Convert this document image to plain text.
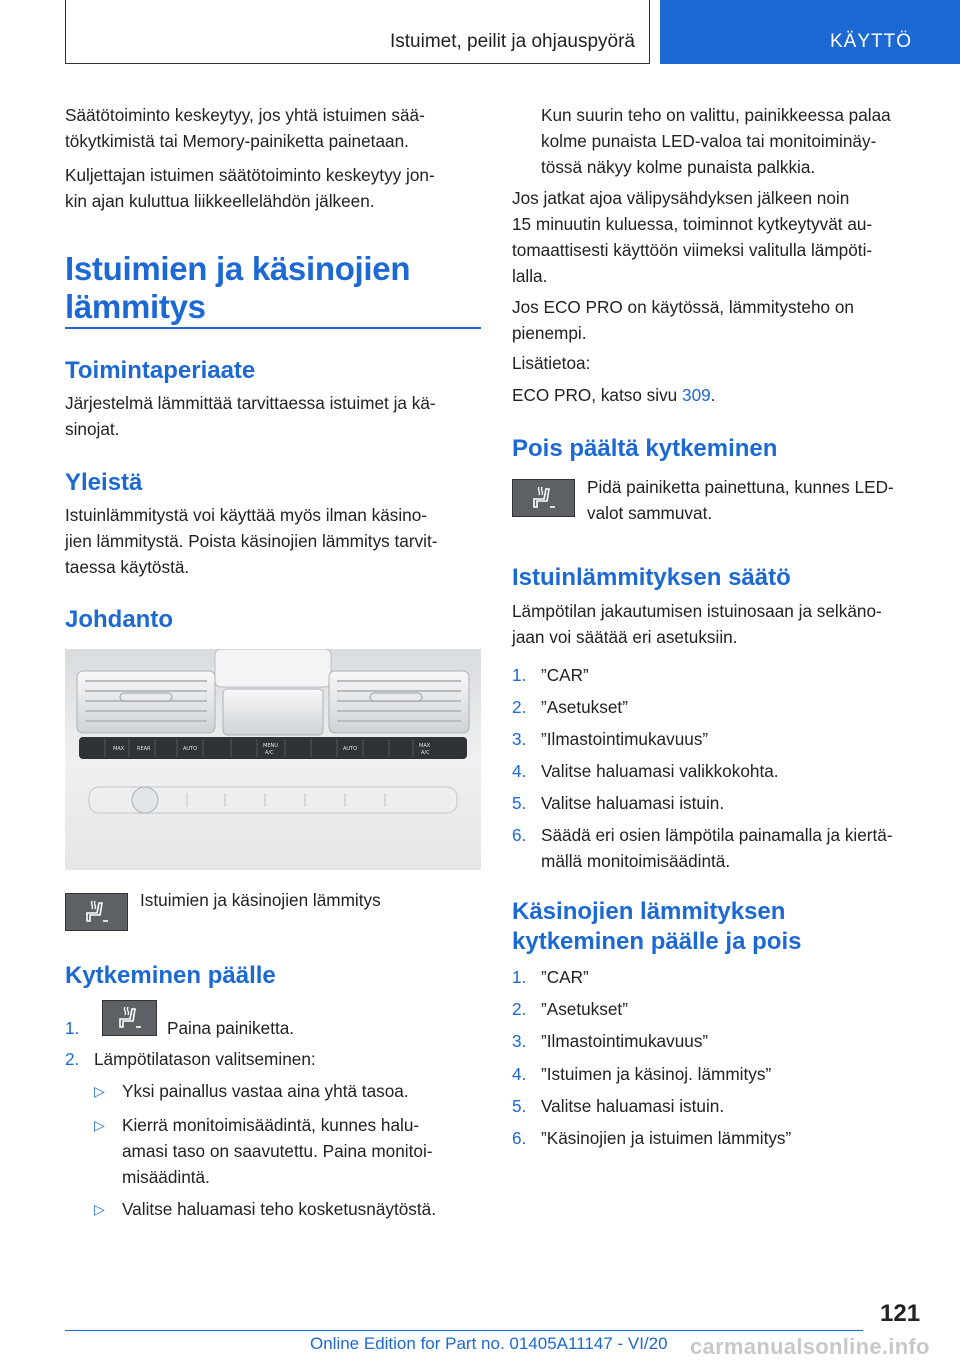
Istuimet, peilit ja ohjauspyörä	KÄYTTÖ
Säätötoiminto keskeytyy, jos yhtä istuimen sää-
tökytkimistä tai Memory-painiketta painetaan.
Kuljettajan istuimen säätötoiminto keskeytyy jon-
kin ajan kuluttua liikkeellelähdön jälkeen.
Istuimien ja käsinojien
lämmitys
Toimintaperiaate
Järjestelmä lämmittää tarvittaessa istuimet ja kä-
sinojat.
Yleistä
Istuinlämmitystä voi käyttää myös ilman käsino-
jien lämmitystä. Poista käsinojien lämmitys tarvit-
taessa käytöstä.
Johdanto
MAX	REAR	AUTO	MENU
A/C
AUTO	MAX
A/C
Istuimien ja käsinojien lämmitys
Kytkeminen päälle
1.	Paina painiketta.
2. Lämpötilatason valitseminen:
▷ Yksi painallus vastaa aina yhtä tasoa.
▷ Kierrä monitoimisäädintä, kunnes halu-
amasi taso on saavutettu. Paina monitoi-
misäädintä.
▷ Valitse haluamasi teho kosketusnäytöstä.
Kun suurin teho on valittu, painikkeessa palaa
kolme punaista LED-valoa tai monitoiminäy-
tössä näkyy kolme punaista palkkia.
Jos jatkat ajoa välipysähdyksen jälkeen noin
15 minuutin kuluessa, toiminnot kytkeytyvät au-
tomaattisesti käyttöön viimeksi valitulla lämpöti-
lalla.
Jos ECO PRO on käytössä, lämmitysteho on
pienempi.
Lisätietoa:
ECO PRO, katso sivu 309.
Pois päältä kytkeminen
Pidä painiketta painettuna, kunnes LED-
valot sammuvat.
Istuinlämmityksen säätö
Lämpötilan jakautumisen istuinosaan ja selkäno-
jaan voi säätää eri asetuksiin.
1. ”CAR”
2. ”Asetukset”
3. ”Ilmastointimukavuus”
4. Valitse haluamasi valikkokohta.
5. Valitse haluamasi istuin.
6. Säädä eri osien lämpötila painamalla ja kiertä-
mällä monitoimisäädintä.
Käsinojien lämmityksen
kytkeminen päälle ja pois
1. ”CAR”
2. ”Asetukset”
3. ”Ilmastointimukavuus”
4. ”Istuimen ja käsinoj. lämmitys”
5. Valitse haluamasi istuin.
6. ”Käsinojien ja istuimen lämmitys”
121
Online Edition for Part no. 01405A11147 - VI/20 carmanualsonline.info
